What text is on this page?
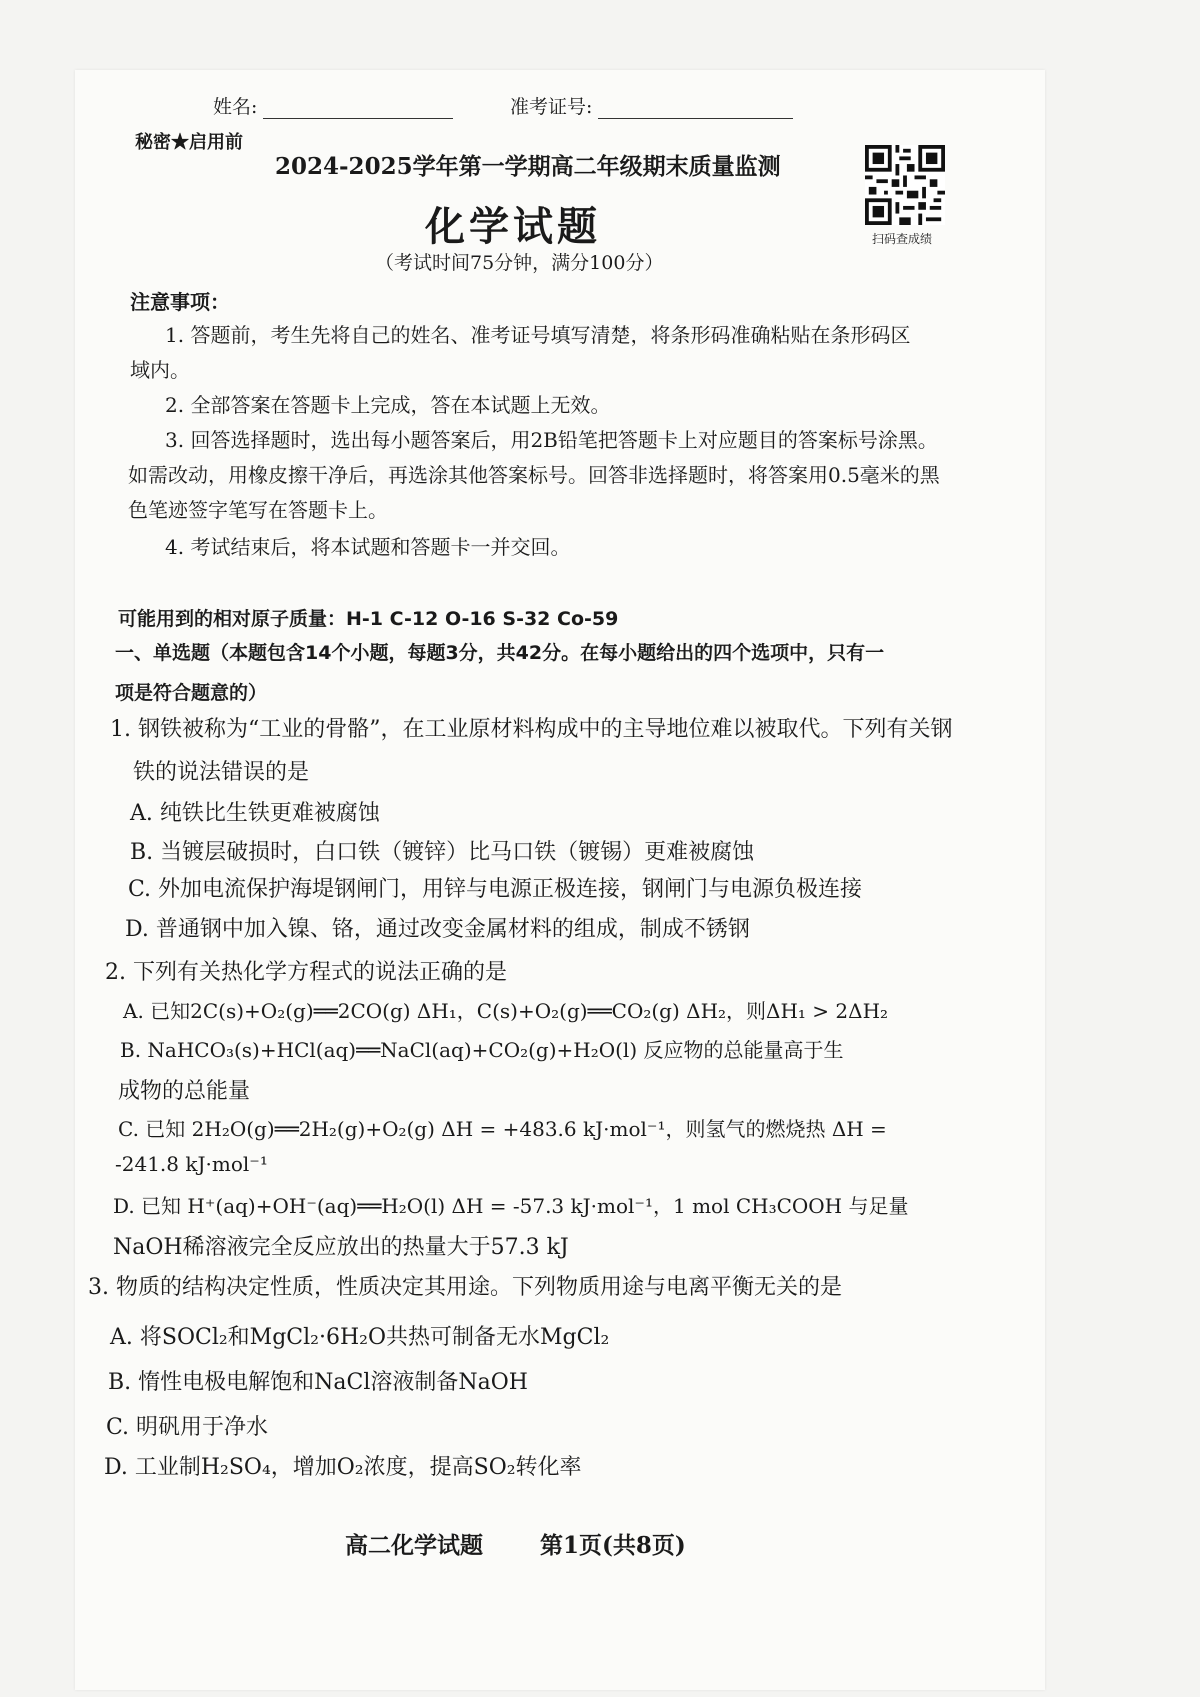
姓名:	准考证号:
秘密★启用前
2024-2025学年第一学期高二年级期末质量监测
化学试题
（考试时间75分钟，满分100分）
扫码查成绩
注意事项：
1. 答题前，考生先将自己的姓名、准考证号填写清楚，将条形码准确粘贴在条形码区
域内。
2. 全部答案在答题卡上完成，答在本试题上无效。
3. 回答选择题时，选出每小题答案后，用2B铅笔把答题卡上对应题目的答案标号涂黑。
如需改动，用橡皮擦干净后，再选涂其他答案标号。回答非选择题时，将答案用0.5毫米的黑
色笔迹签字笔写在答题卡上。
4. 考试结束后，将本试题和答题卡一并交回。
可能用到的相对原子质量：H-1 C-12 O-16 S-32 Co-59
一、单选题（本题包含14个小题，每题3分，共42分。在每小题给出的四个选项中，只有一
项是符合题意的）
1. 钢铁被称为“工业的骨骼”，在工业原材料构成中的主导地位难以被取代。下列有关钢
铁的说法错误的是
A. 纯铁比生铁更难被腐蚀
B. 当镀层破损时，白口铁（镀锌）比马口铁（镀锡）更难被腐蚀
C. 外加电流保护海堤钢闸门，用锌与电源正极连接，钢闸门与电源负极连接
D. 普通钢中加入镍、铬，通过改变金属材料的组成，制成不锈钢
2. 下列有关热化学方程式的说法正确的是
A. 已知2C(s)+O₂(g)══2CO(g) ΔH₁，C(s)+O₂(g)══CO₂(g) ΔH₂，则ΔH₁ > 2ΔH₂
B. NaHCO₃(s)+HCl(aq)══NaCl(aq)+CO₂(g)+H₂O(l) 反应物的总能量高于生
成物的总能量
C. 已知 2H₂O(g)══2H₂(g)+O₂(g) ΔH = +483.6 kJ·mol⁻¹，则氢气的燃烧热 ΔH =
-241.8 kJ·mol⁻¹
D. 已知 H⁺(aq)+OH⁻(aq)══H₂O(l) ΔH = -57.3 kJ·mol⁻¹，1 mol CH₃COOH 与足量
NaOH稀溶液完全反应放出的热量大于57.3 kJ
3. 物质的结构决定性质，性质决定其用途。下列物质用途与电离平衡无关的是
A. 将SOCl₂和MgCl₂·6H₂O共热可制备无水MgCl₂
B. 惰性电极电解饱和NaCl溶液制备NaOH
C. 明矾用于净水
D. 工业制H₂SO₄，增加O₂浓度，提高SO₂转化率
高二化学试题 第1页(共8页)
